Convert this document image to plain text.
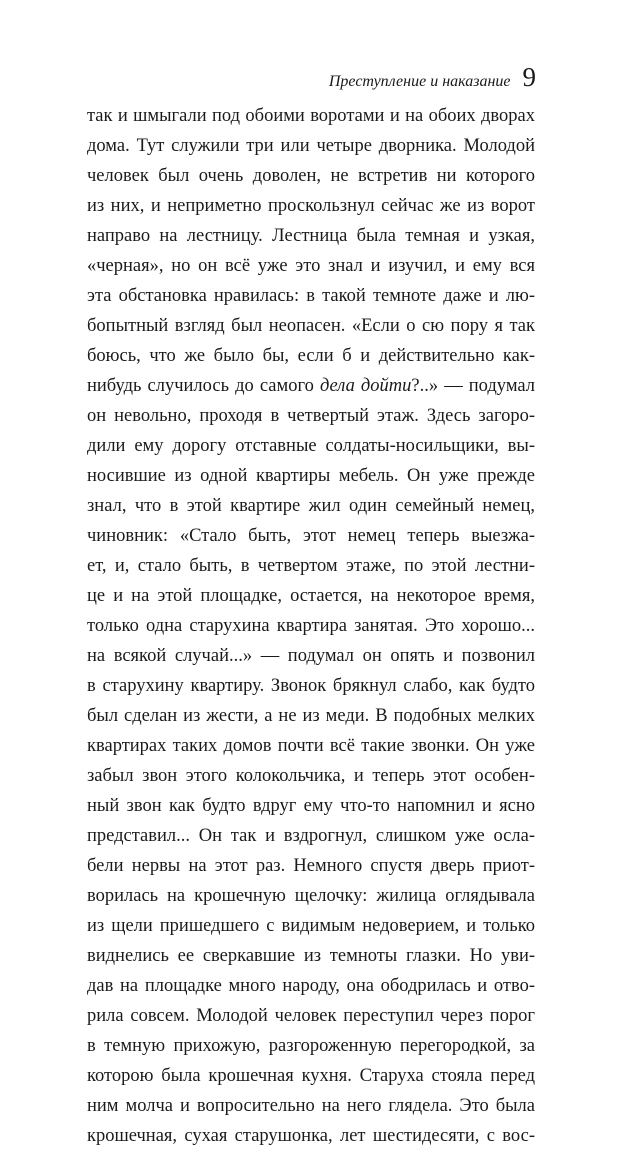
Преступление и наказание 9
так и шмыгали под обоими воротами и на обоих дворах
дома. Тут служили три или четыре дворника. Молодой
человек был очень доволен, не встретив ни которого
из них, и неприметно проскользнул сейчас же из ворот
направо на лестницу. Лестница была темная и узкая,
«черная», но он всё уже это знал и изучил, и ему вся
эта обстановка нравилась: в такой темноте даже и лю-
бопытный взгляд был неопасен. «Если о сю пору я так
боюсь, что же было бы, если б и действительно как-
нибудь случилось до самого дела дойти?..» — подумал
он невольно, проходя в четвертый этаж. Здесь загоро-
дили ему дорогу отставные солдаты-носильщики, вы-
носившие из одной квартиры мебель. Он уже прежде
знал, что в этой квартире жил один семейный немец,
чиновник: «Стало быть, этот немец теперь выезжа-
ет, и, стало быть, в четвертом этаже, по этой лестни-
це и на этой площадке, остается, на некоторое время,
только одна старухина квартира занятая. Это хорошо...
на всякой случай...» — подумал он опять и позвонил
в старухину квартиру. Звонок брякнул слабо, как будто
был сделан из жести, а не из меди. В подобных мелких
квартирах таких домов почти всё такие звонки. Он уже
забыл звон этого колокольчика, и теперь этот особен-
ный звон как будто вдруг ему что-то напомнил и ясно
представил... Он так и вздрогнул, слишком уже осла-
бели нервы на этот раз. Немного спустя дверь приот-
ворилась на крошечную щелочку: жилица оглядывала
из щели пришедшего с видимым недоверием, и только
виднелись ее сверкавшие из темноты глазки. Но уви-
дав на площадке много народу, она ободрилась и отво-
рила совсем. Молодой человек переступил через порог
в темную прихожую, разгороженную перегородкой, за
которою была крошечная кухня. Старуха стояла перед
ним молча и вопросительно на него глядела. Это была
крошечная, сухая старушонка, лет шестидесяти, с вос-
